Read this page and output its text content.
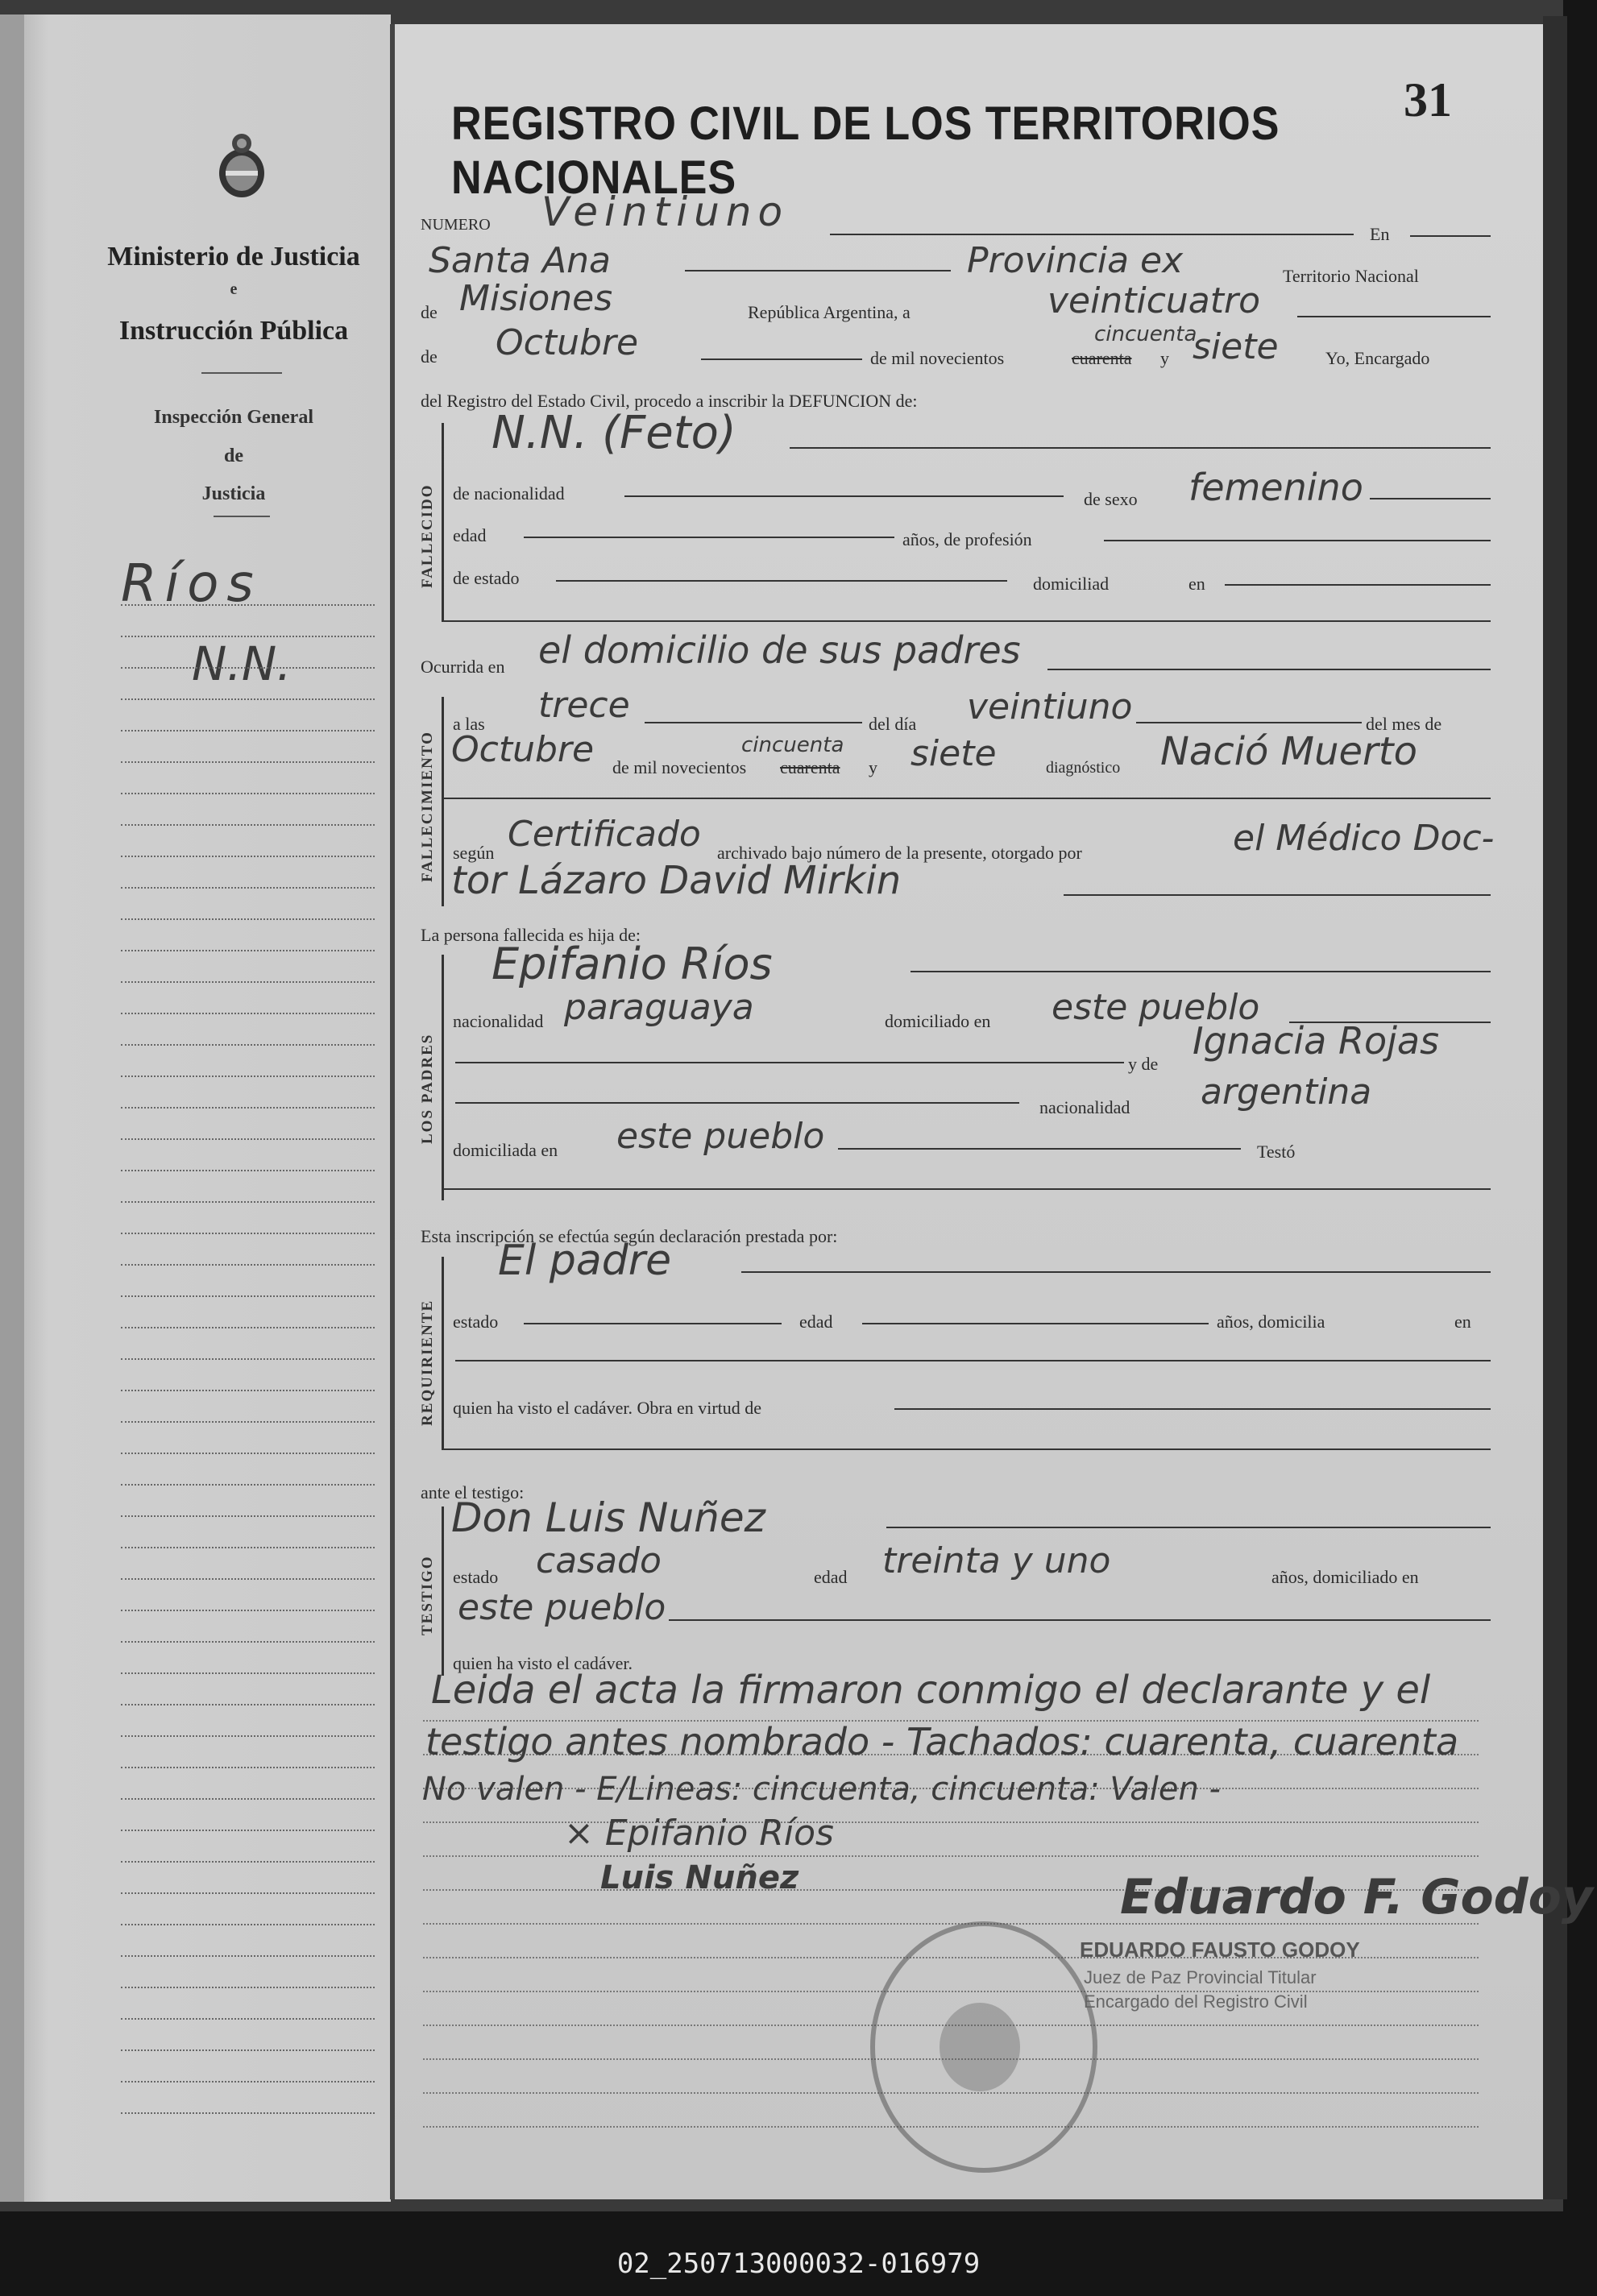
Ministerio de Justicia
e
Instrucción Pública
Inspección General
de
Justicia
Ríos
N.N.
REGISTRO CIVIL DE LOS TERRITORIOS NACIONALES
31
NUMERO Veintiuno	En
Santa Ana	Provincia ex	Territorio Nacional
de Misiones	República Argentina, a	veinticuatro
de Octubre	de mil novecientos	cuarenta
cincuenta
y siete	Yo, Encargado
del Registro del Estado Civil, procedo a inscribir la DEFUNCION de:
FALLECIDO
N.N. (Feto)
de nacionalidad	de sexo femenino
edad	años, de profesión
de estado	domiciliad	en
Ocurrida en el domicilio de sus padres
FALLECIMIENTO
a las trece	del día veintiuno	del mes de
Octubre de mil novecientos
cincuenta
cuarenta y siete	diagnóstico Nació Muerto
según Certificado archivado bajo número de la presente, otorgado por	el Médico Doc-
tor Lázaro David Mirkin
La persona fallecida es hija de:
LOS PADRES
Epifanio Ríos
nacionalidad paraguaya	domiciliado en este pueblo
y de
Ignacia Rojas
nacionalidad argentina
domiciliada en este pueblo	Testó
Esta inscripción se efectúa según declaración prestada por:
REQUIRIENTE
El padre
estado	edad	años, domicilia	en
quien ha visto el cadáver. Obra en virtud de
ante el testigo:
TESTIGO
Don Luis Nuñez
estado casado	edad treinta y uno	años, domiciliado en
este pueblo
quien ha visto el cadáver.
Leida el acta la firmaron conmigo el declarante y el
testigo antes nombrado - Tachados: cuarenta, cuarenta
No valen - E/Lineas: cincuenta, cincuenta: Valen -
× Epifanio Ríos
Luis Nuñez	Eduardo F. Godoy
EDUARDO FAUSTO GODOY
Juez de Paz Provincial Titular
Encargado del Registro Civil
02_250713000032-016979
